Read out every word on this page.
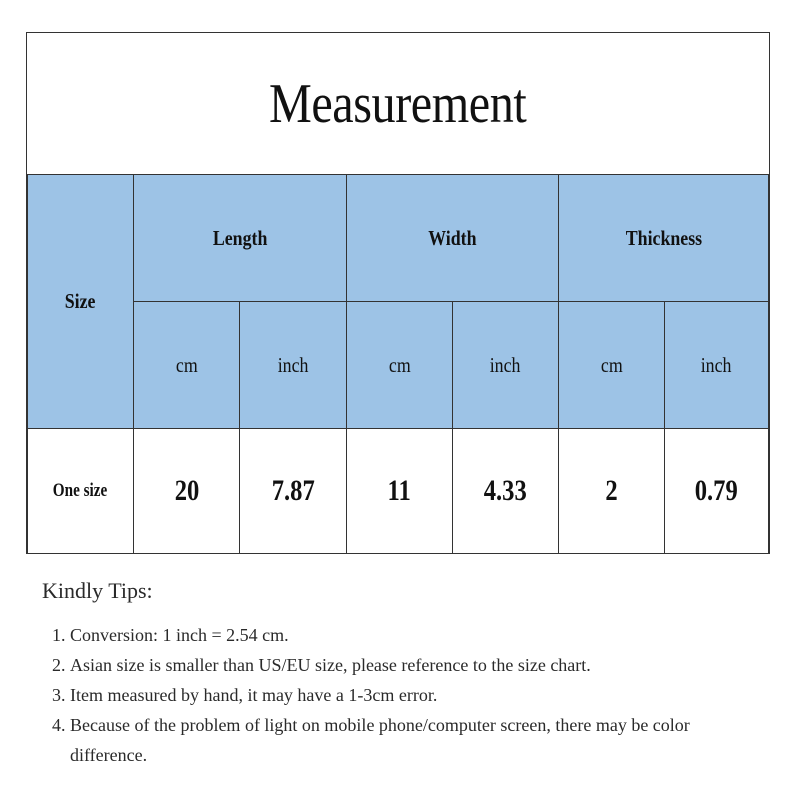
Measurement
Size	Length		Width		Thickness	
	cm	inch	cm	inch	cm	inch
One size	20	7.87	11	4.33	2	0.79
Kindly Tips:
1. Conversion: 1 inch = 2.54 cm.
2. Asian size is smaller than US/EU size, please reference to the size chart.
3. Item measured by hand, it may have a 1-3cm error.
4. Because of the problem of light on mobile phone/computer screen, there may be color difference.
